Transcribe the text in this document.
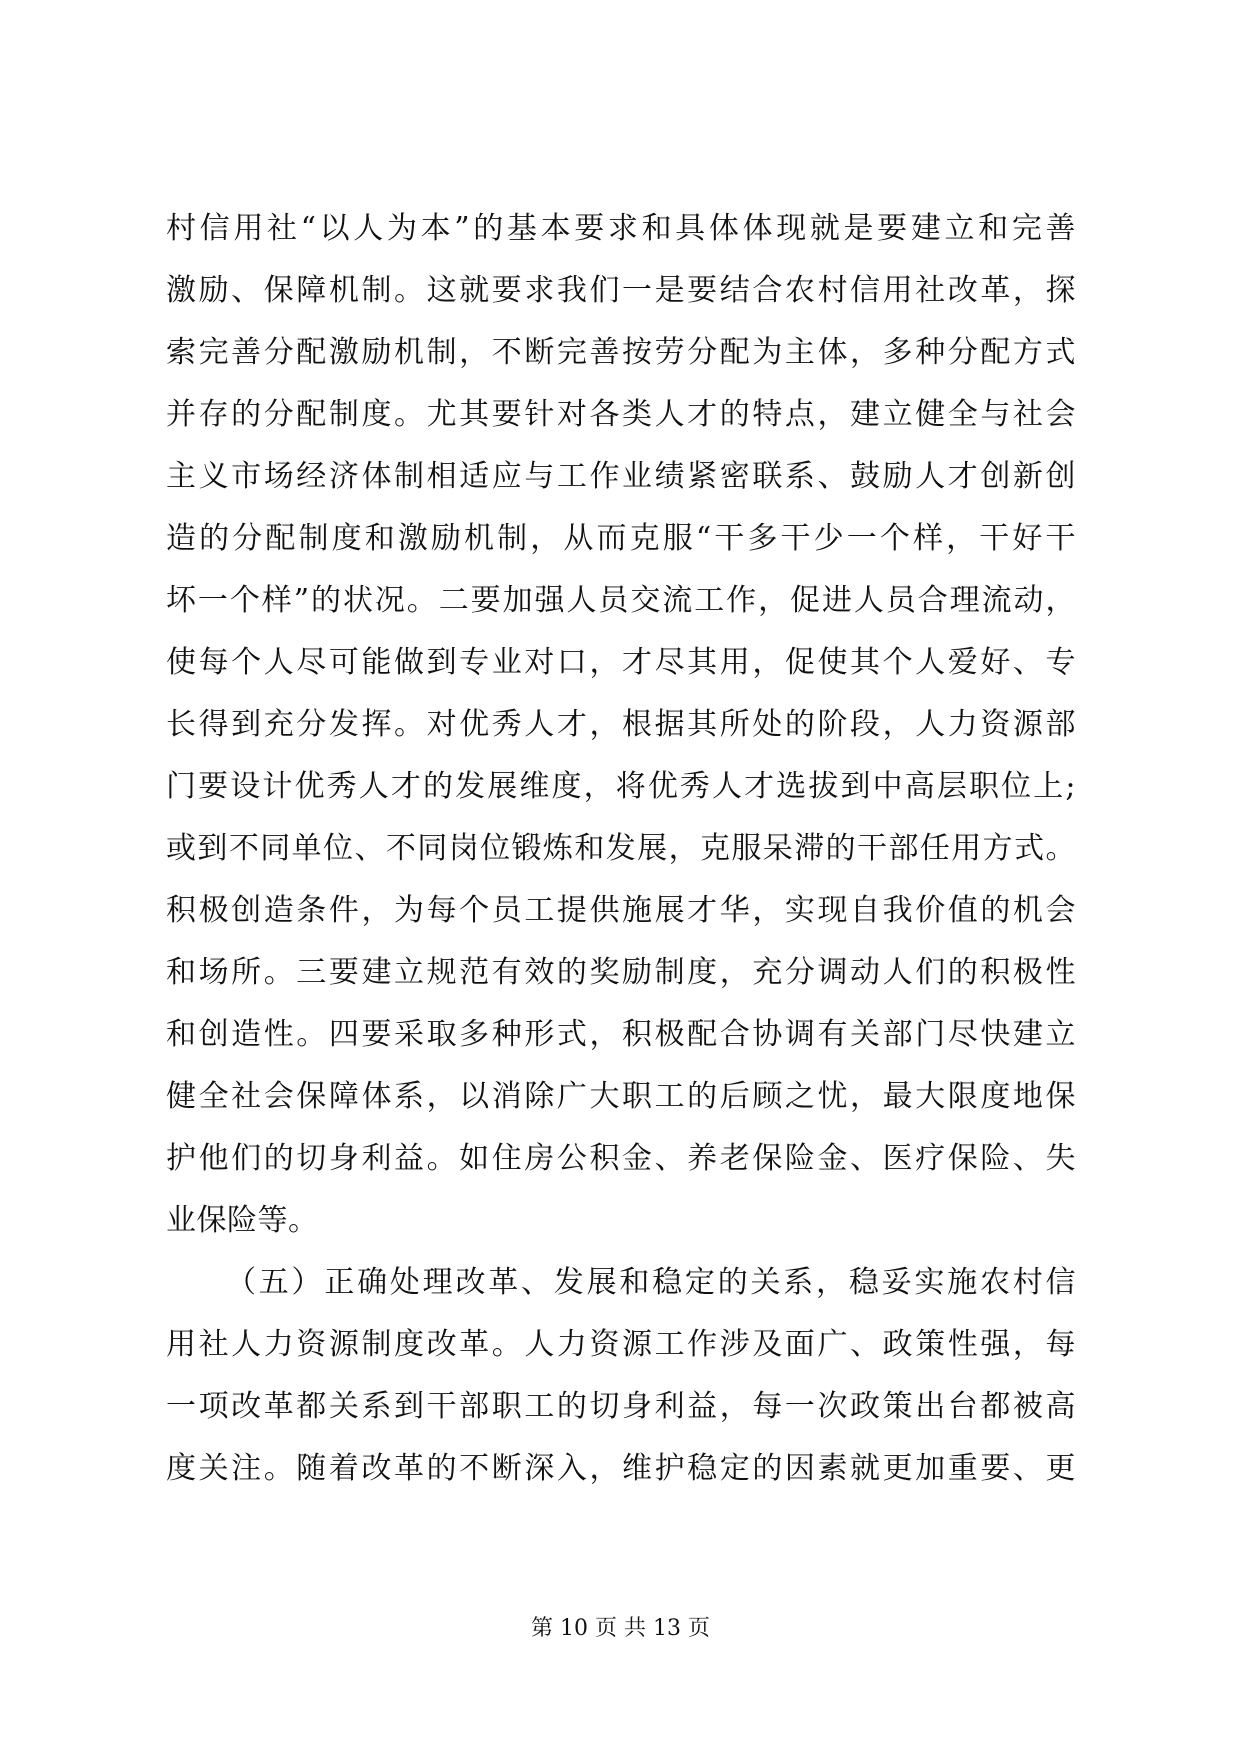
村信用社“以人为本”的基本要求和具体体现就是要建立和完善
激励、保障机制。这就要求我们一是要结合农村信用社改革，探
索完善分配激励机制，不断完善按劳分配为主体，多种分配方式
并存的分配制度。尤其要针对各类人才的特点，建立健全与社会
主义市场经济体制相适应与工作业绩紧密联系、鼓励人才创新创
造的分配制度和激励机制，从而克服“干多干少一个样，干好干
坏一个样”的状况。二要加强人员交流工作，促进人员合理流动，
使每个人尽可能做到专业对口，才尽其用，促使其个人爱好、专
长得到充分发挥。对优秀人才，根据其所处的阶段，人力资源部
门要设计优秀人才的发展维度，将优秀人才选拔到中高层职位上;
或到不同单位、不同岗位锻炼和发展，克服呆滞的干部任用方式。
积极创造条件，为每个员工提供施展才华，实现自我价值的机会
和场所。三要建立规范有效的奖励制度，充分调动人们的积极性
和创造性。四要采取多种形式，积极配合协调有关部门尽快建立
健全社会保障体系，以消除广大职工的后顾之忧，最大限度地保
护他们的切身利益。如住房公积金、养老保险金、医疗保险、失
业保险等。
（五）正确处理改革、发展和稳定的关系，稳妥实施农村信
用社人力资源制度改革。人力资源工作涉及面广、政策性强，每
一项改革都关系到干部职工的切身利益，每一次政策出台都被高
度关注。随着改革的不断深入，维护稳定的因素就更加重要、更
第 10 页 共 13 页
